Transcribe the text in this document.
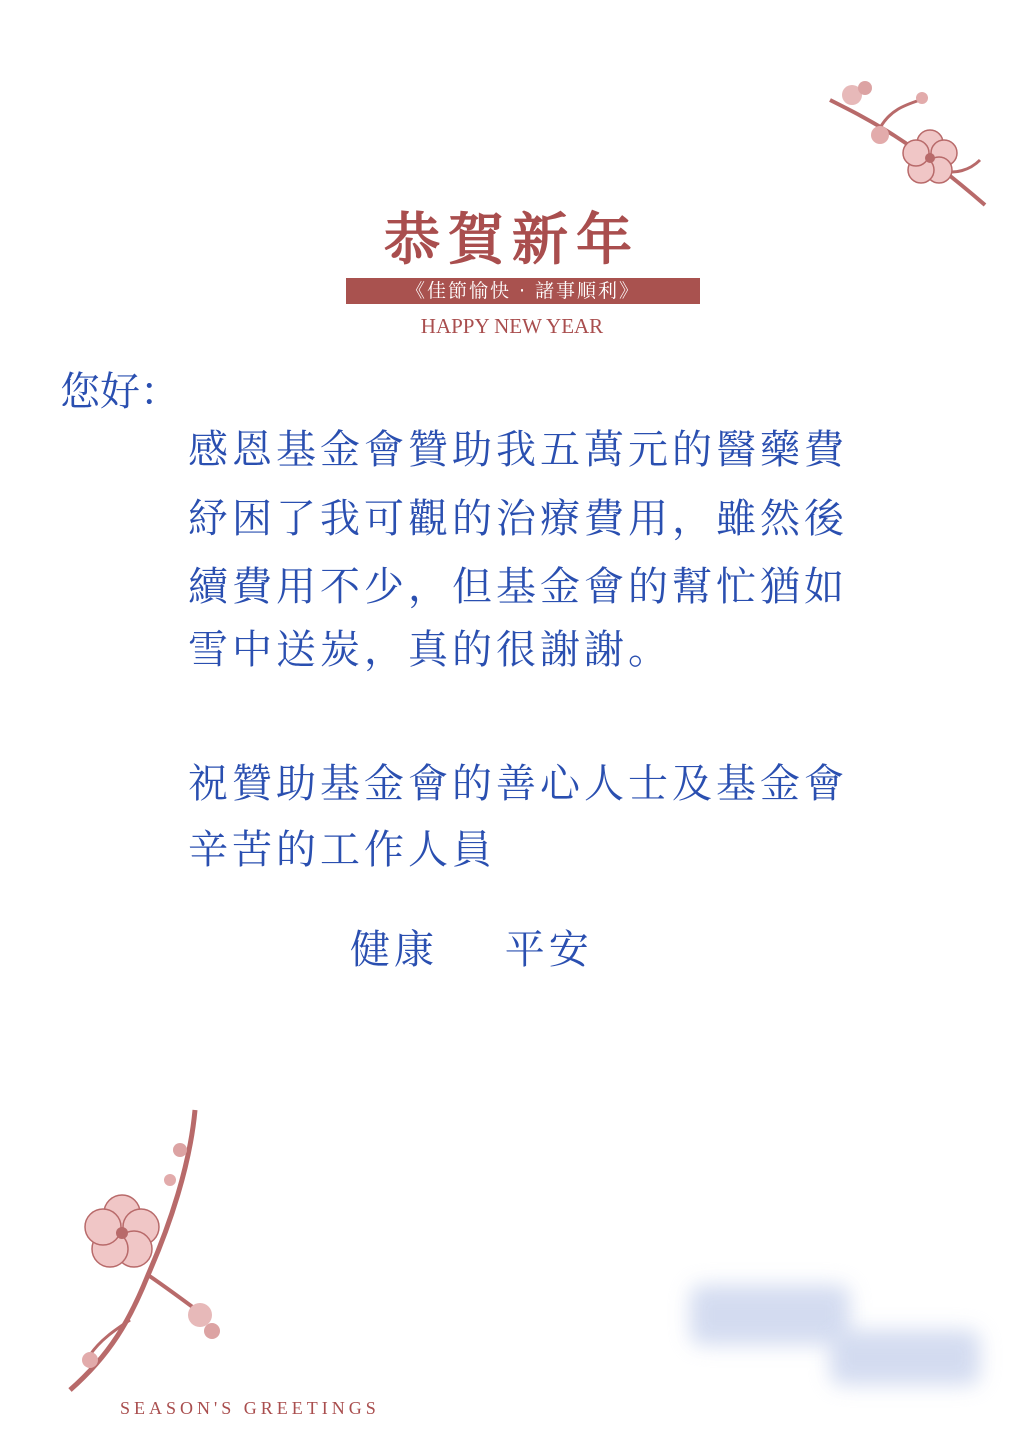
恭賀新年
《佳節愉快 · 諸事順利》
HAPPY NEW YEAR
您好：
感恩基金會贊助我五萬元的醫藥費
紓困了我可觀的治療費用，雖然後
續費用不少，但基金會的幫忙猶如
雪中送炭，真的很謝謝。
祝贊助基金會的善心人士及基金會
辛苦的工作人員
健康 平安
SEASON'S GREETINGS
